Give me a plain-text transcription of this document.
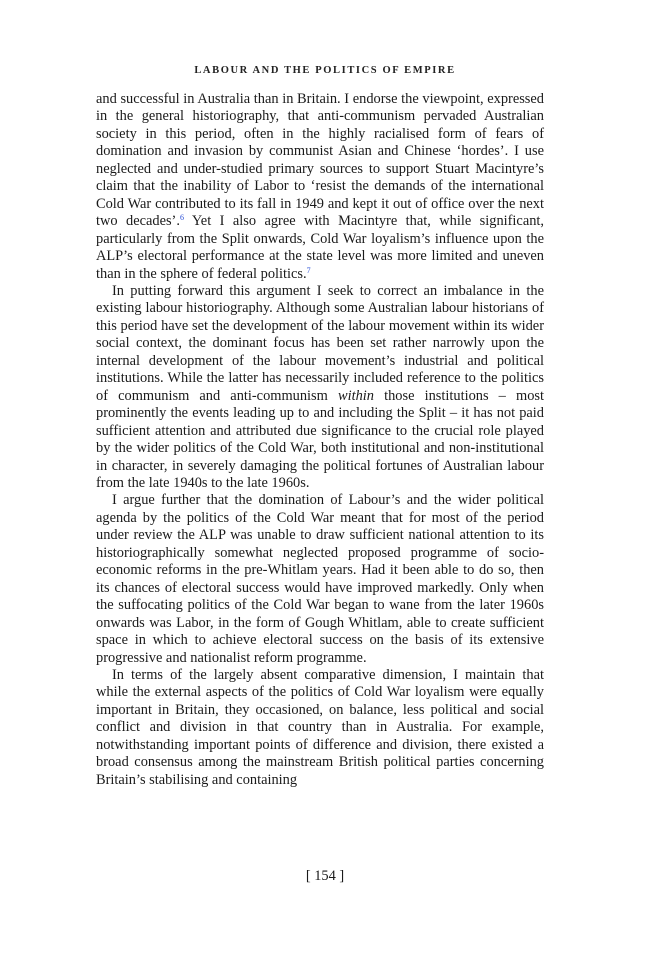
LABOUR AND THE POLITICS OF EMPIRE

and successful in Australia than in Britain. I endorse the viewpoint, expressed in the general historiography, that anti-communism pervaded Australian society in this period, often in the highly racialised form of fears of domination and invasion by communist Asian and Chinese ‘hordes’. I use neglected and under-studied primary sources to support Stuart Macintyre’s claim that the inability of Labor to ‘resist the demands of the international Cold War contributed to its fall in 1949 and kept it out of office over the next two decades’.$^6$ Yet I also agree with Macintyre that, while significant, particularly from the Split onwards, Cold War loyalism’s influence upon the ALP’s electoral performance at the state level was more limited and uneven than in the sphere of federal politics.$^7$

In putting forward this argument I seek to correct an imbalance in the existing labour historiography. Although some Australian labour historians of this period have set the development of the labour movement within its wider social context, the dominant focus has been set rather narrowly upon the internal development of the labour movement’s industrial and political institutions. While the latter has necessarily included reference to the politics of communism and anti-communism within those institutions – most prominently the events leading up to and including the Split – it has not paid sufficient attention and attributed due significance to the crucial role played by the wider politics of the Cold War, both institutional and non-institutional in character, in severely damaging the political fortunes of Australian labour from the late 1940s to the late 1960s.

I argue further that the domination of Labour’s and the wider political agenda by the politics of the Cold War meant that for most of the period under review the ALP was unable to draw sufficient national attention to its historiographically somewhat neglected proposed programme of socio-economic reforms in the pre-Whitlam years. Had it been able to do so, then its chances of electoral success would have improved markedly. Only when the suffocating politics of the Cold War began to wane from the later 1960s onwards was Labor, in the form of Gough Whitlam, able to create sufficient space in which to achieve electoral success on the basis of its extensive progressive and nationalist reform programme.

In terms of the largely absent comparative dimension, I maintain that while the external aspects of the politics of Cold War loyalism were equally important in Britain, they occasioned, on balance, less political and social conflict and division in that country than in Australia. For example, notwithstanding important points of difference and division, there existed a broad consensus among the mainstream British political parties concerning Britain’s stabilising and containing

[ 154 ]
